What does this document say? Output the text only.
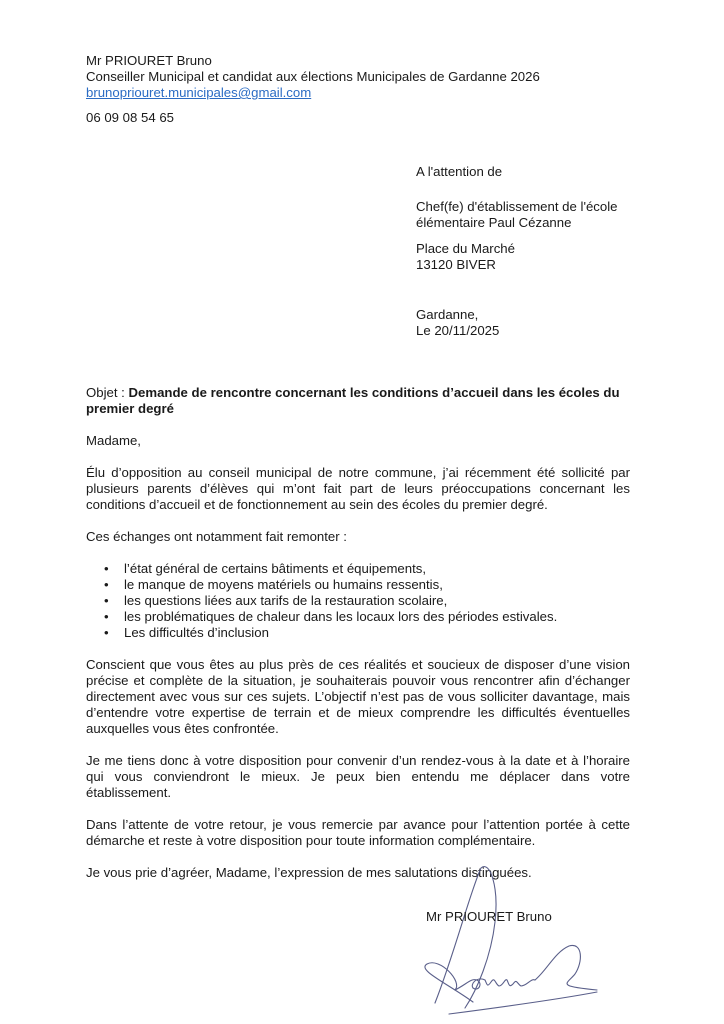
Mr PRIOURET Bruno
Conseiller Municipal et candidat aux élections Municipales de Gardanne 2026
brunopriouret.municipales@gmail.com
06 09 08 54 65
A l'attention de
Chef(fe) d'établissement de l'école
élémentaire Paul Cézanne
Place du Marché
13120 BIVER
Gardanne,
Le 20/11/2025

Objet : Demande de rencontre concernant les conditions d’accueil dans les écoles du premier degré

Madame,

Élu d’opposition au conseil municipal de notre commune, j’ai récemment été sollicité par plusieurs parents d’élèves qui m’ont fait part de leurs préoccupations concernant les conditions d’accueil et de fonctionnement au sein des écoles du premier degré.

Ces échanges ont notamment fait remonter :

• l’état général de certains bâtiments et équipements,
• le manque de moyens matériels ou humains ressentis,
• les questions liées aux tarifs de la restauration scolaire,
• les problématiques de chaleur dans les locaux lors des périodes estivales.
• Les difficultés d’inclusion

Conscient que vous êtes au plus près de ces réalités et soucieux de disposer d’une vision précise et complète de la situation, je souhaiterais pouvoir vous rencontrer afin d’échanger directement avec vous sur ces sujets. L’objectif n’est pas de vous solliciter davantage, mais d’entendre votre expertise de terrain et de mieux comprendre les difficultés éventuelles auxquelles vous êtes confrontée.

Je me tiens donc à votre disposition pour convenir d’un rendez-vous à la date et à l’horaire qui vous conviendront le mieux. Je peux bien entendu me déplacer dans votre établissement.

Dans l’attente de votre retour, je vous remercie par avance pour l’attention portée à cette démarche et reste à votre disposition pour toute information complémentaire.

Je vous prie d’agréer, Madame, l’expression de mes salutations distinguées.

Mr PRIOURET Bruno
